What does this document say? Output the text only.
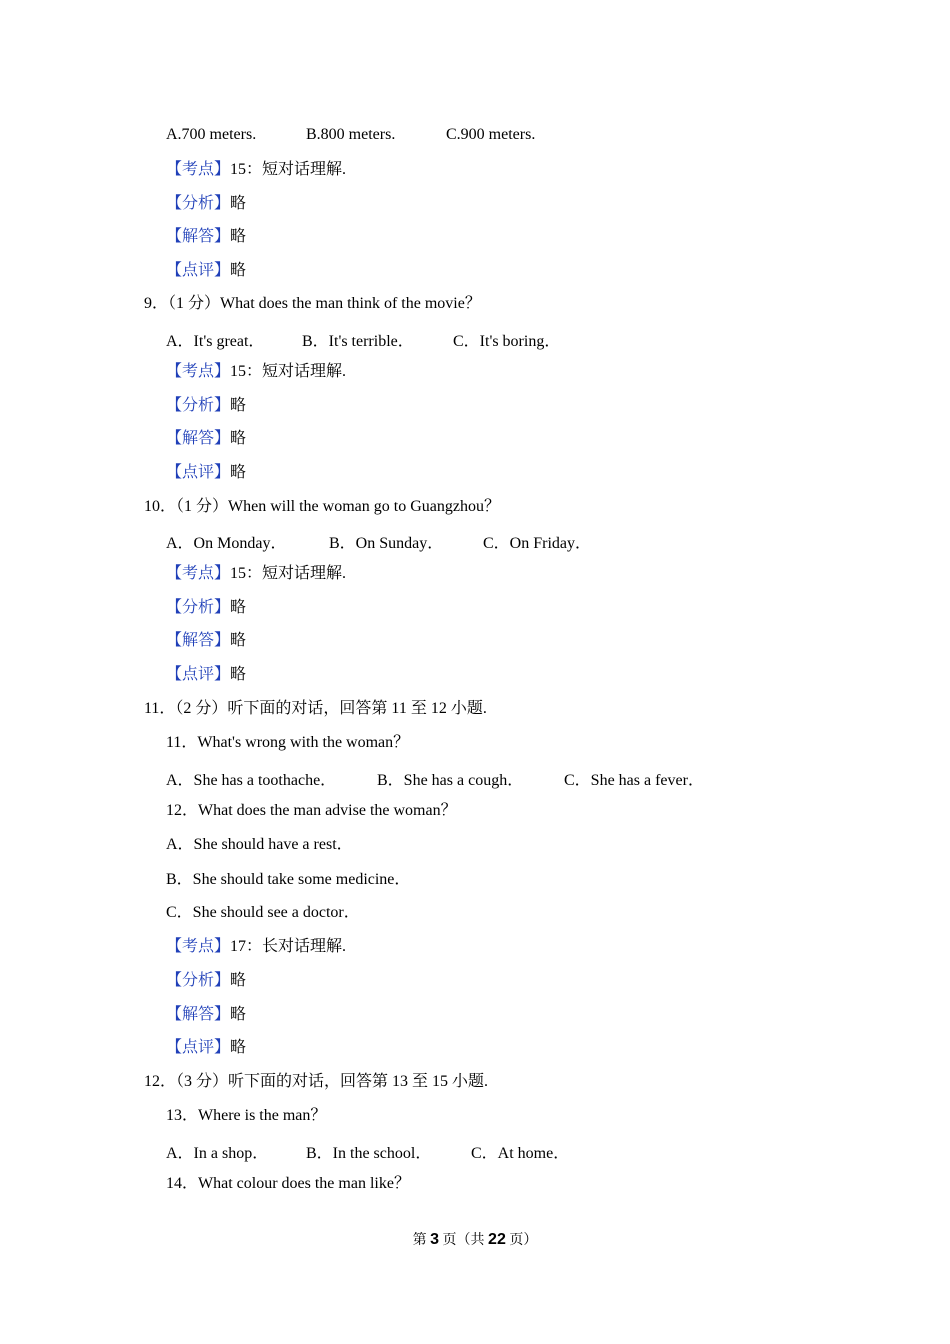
A.700 meters.	B.800 meters.	C.900 meters.
【考点】15：短对话理解.
【分析】略
【解答】略
【点评】略
9．（1 分）What does the man think of the movie？
A．It's great． B．It's terrible． C．It's boring．
【考点】15：短对话理解.
【分析】略
【解答】略
【点评】略
10．（1 分）When will the woman go to Guangzhou？
A．On Monday．	B．On Sunday． C．On Friday．
【考点】15：短对话理解.
【分析】略
【解答】略
【点评】略
11．（2 分）听下面的对话，回答第 11 至 12 小题.
11．What's wrong with the woman？
A．She has a toothache．	B．She has a cough．	C．She has a fever．
12．What does the man advise the woman？
A．She should have a rest．
B．She should take some medicine．
C．She should see a doctor．
【考点】17：长对话理解.
【分析】略
【解答】略
【点评】略
12．（3 分）听下面的对话，回答第 13 至 15 小题.
13．Where is the man？
A．In a shop． B．In the school． C．At home．
14．What colour does the man like？
第 3 页（共 22 页）
